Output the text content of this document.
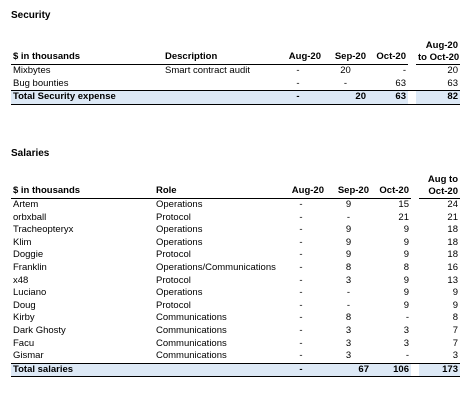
Security
$ in thousands	Description	Aug-20	Sep-20	Oct-20		Aug-20
to Oct-20

Mixbytes	Smart contract audit	-	20	-		20
Bug bounties		-	-	63		63
Total Security expense		-	20	63		82
Salaries
$ in thousands	Role	Aug-20	Sep-20	Oct-20		Aug to
Oct-20

Artem	Operations	-	9	15		24
orbxball	Protocol	-	-	21		21
Tracheopteryx	Operations	-	9	9		18
Klim	Operations	-	9	9		18
Doggie	Protocol	-	9	9		18
Franklin	Operations/Communications	-	8	8		16
x48	Protocol	-	3	9		13
Luciano	Operations	-	-	9		9
Doug	Protocol	-	-	9		9
Kirby	Communications	-	8	-		8
Dark Ghosty	Communications	-	3	3		7
Facu	Communications	-	3	3		7
Gismar	Communications	-	3	-		3
Total salaries		-	67	106		173
